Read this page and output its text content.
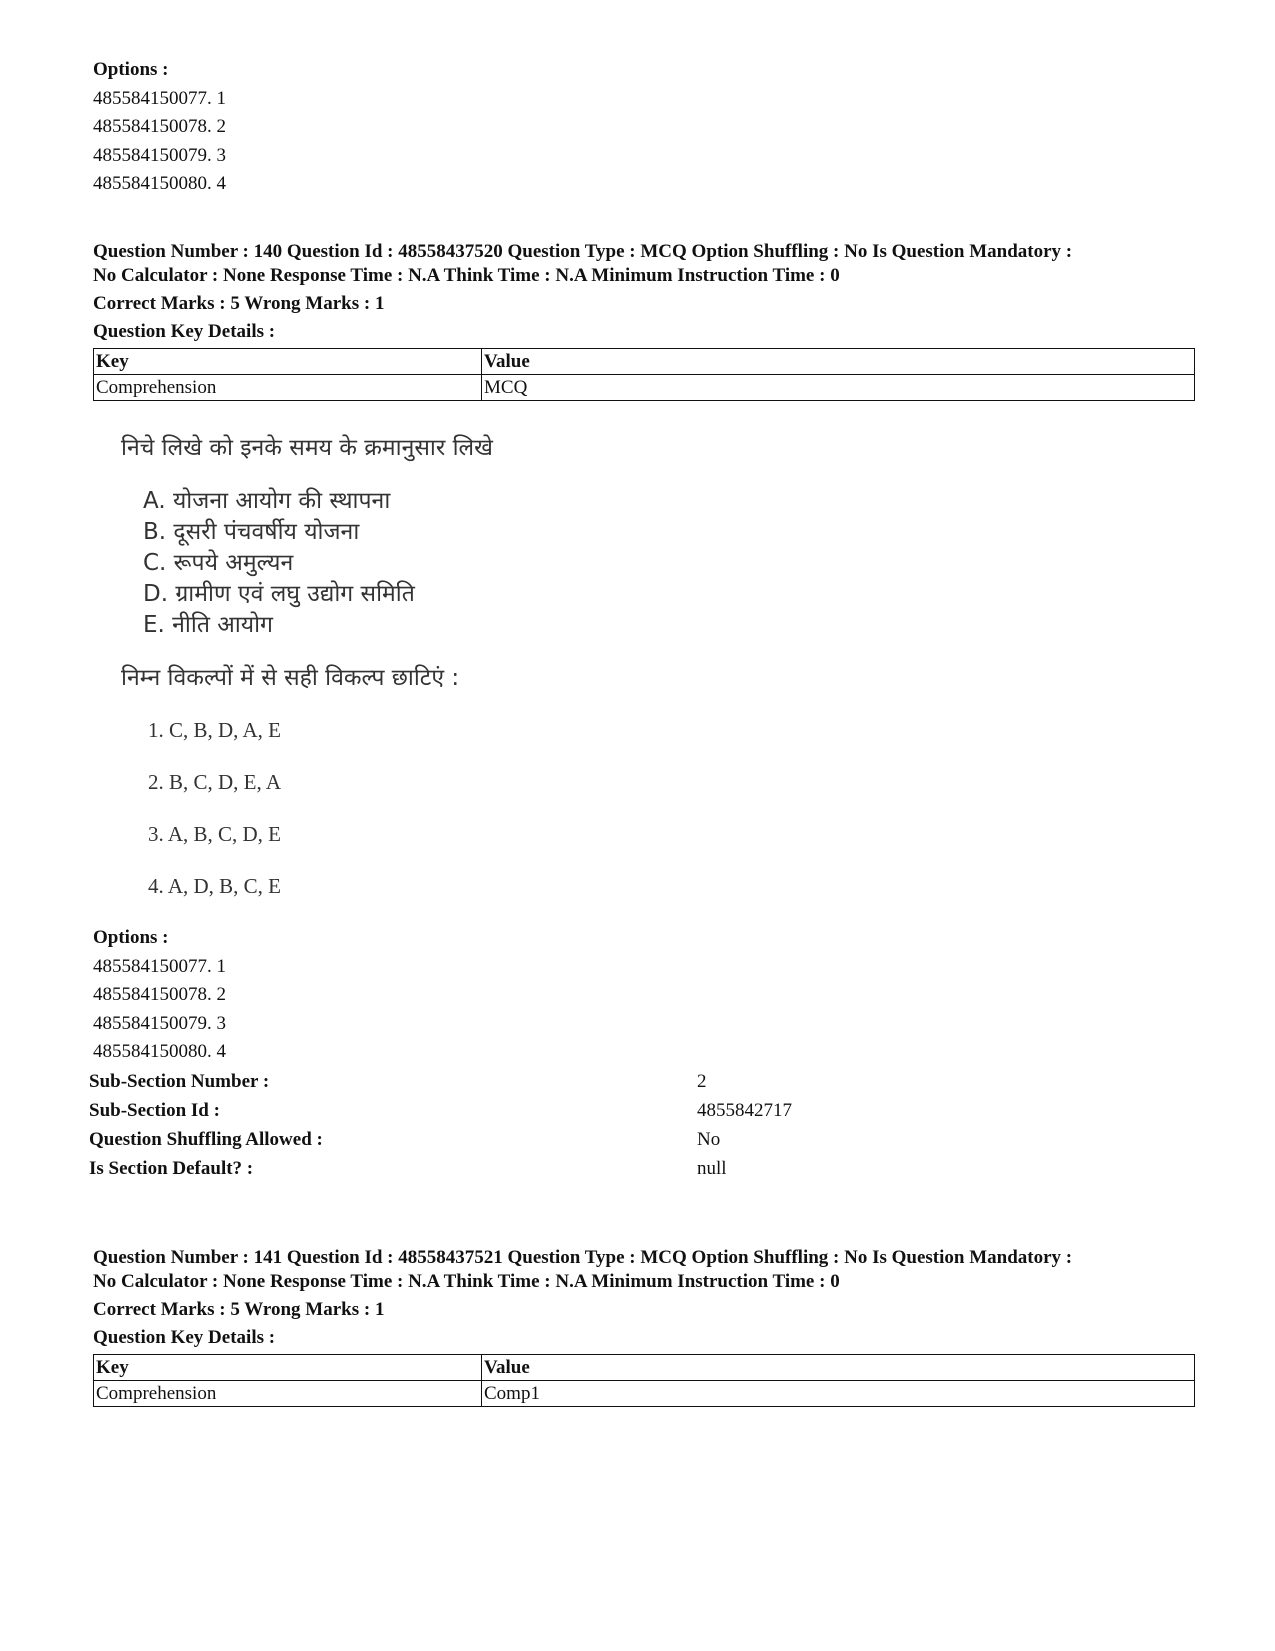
Options :
485584150077. 1
485584150078. 2
485584150079. 3
485584150080. 4
Question Number : 140 Question Id : 48558437520 Question Type : MCQ Option Shuffling : No Is Question Mandatory :
No Calculator : None Response Time : N.A Think Time : N.A Minimum Instruction Time : 0
Correct Marks : 5 Wrong Marks : 1
Question Key Details :
Key	Value
Comprehension	MCQ
निचे लिखे को इनके समय के क्रमानुसार लिखे
A. योजना आयोग की स्थापना
B. दूसरी पंचवर्षीय योजना
C. रूपये अमुल्यन
D. ग्रामीण एवं लघु उद्योग समिति
E. नीति आयोग
निम्न विकल्पों में से सही विकल्प छाटिएं :
1. C, B, D, A, E
2. B, C, D, E, A
3. A, B, C, D, E
4. A, D, B, C, E
Options :
485584150077. 1
485584150078. 2
485584150079. 3
485584150080. 4
Sub-Section Number :	2
Sub-Section Id :	4855842717
Question Shuffling Allowed :	No
Is Section Default? :	null
Question Number : 141 Question Id : 48558437521 Question Type : MCQ Option Shuffling : No Is Question Mandatory :
No Calculator : None Response Time : N.A Think Time : N.A Minimum Instruction Time : 0
Correct Marks : 5 Wrong Marks : 1
Question Key Details :
Key	Value
Comprehension	Comp1
